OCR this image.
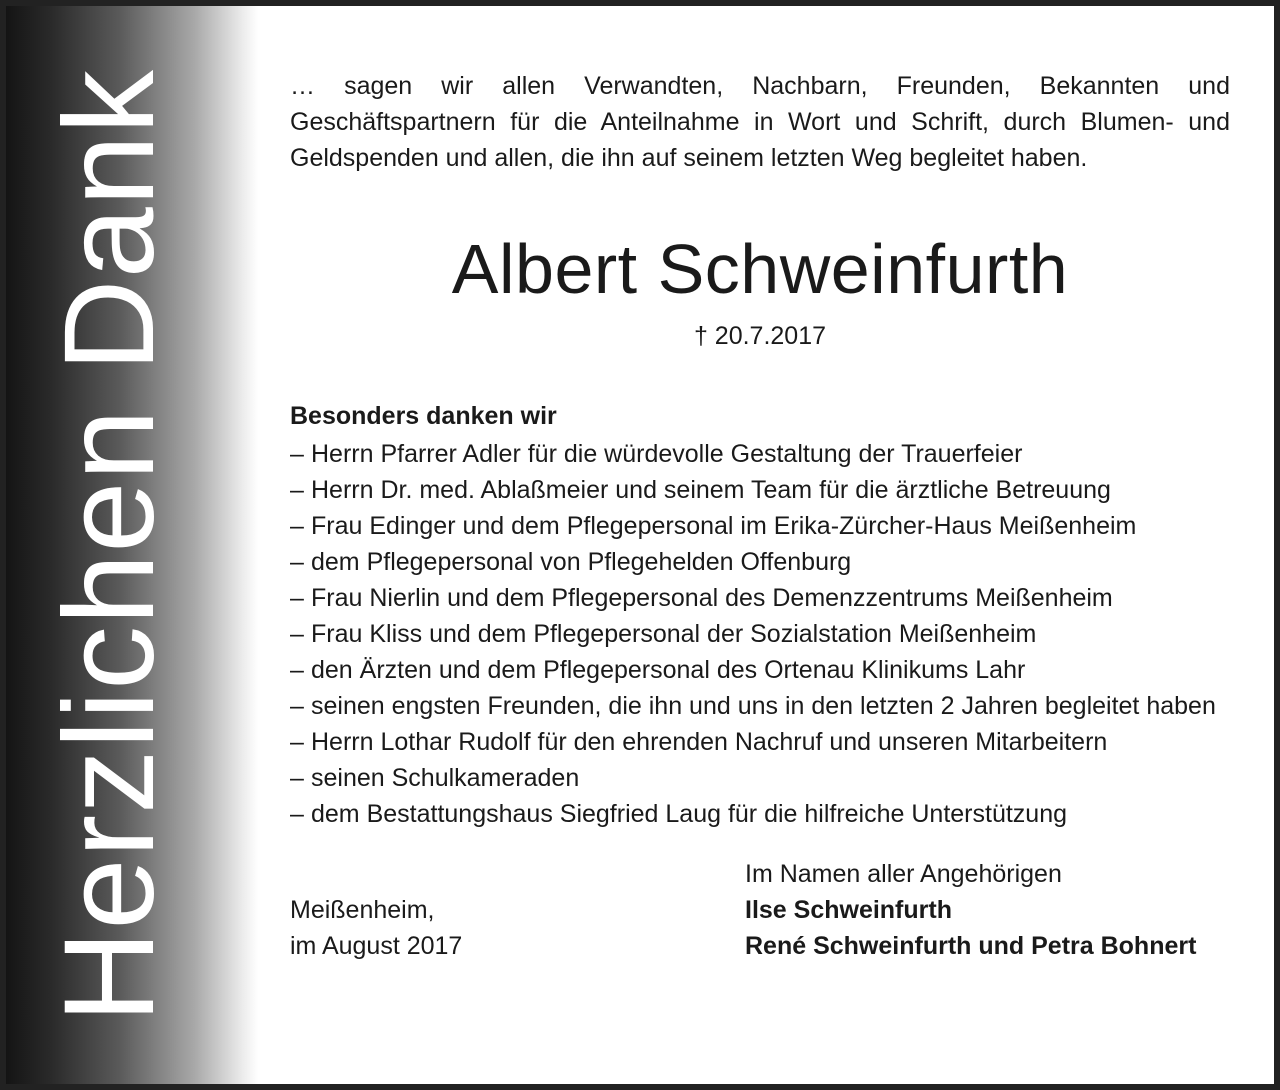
Herzlichen Dank	… sagen wir allen Verwandten, Nachbarn, Freunden, Bekannten und Geschäftspartnern für die Anteilnahme in Wort und Schrift, durch Blumen- und Geldspenden und allen, die ihn auf seinem letzten Weg begleitet haben.

Albert Schweinfurth
† 20.7.2017
Besonders danken wir
– Herrn Pfarrer Adler für die würdevolle Gestaltung der Trauerfeier
– Herrn Dr. med. Ablaßmeier und seinem Team für die ärztliche Betreuung
– Frau Edinger und dem Pflegepersonal im Erika-Zürcher-Haus Meißenheim
– dem Pflegepersonal von Pflegehelden Offenburg
– Frau Nierlin und dem Pflegepersonal des Demenzzentrums Meißenheim
– Frau Kliss und dem Pflegepersonal der Sozialstation Meißenheim
– den Ärzten und dem Pflegepersonal des Ortenau Klinikums Lahr
– seinen engsten Freunden, die ihn und uns in den letzten 2 Jahren begleitet haben
– Herrn Lothar Rudolf für den ehrenden Nachruf und unseren Mitarbeitern
– seinen Schulkameraden
– dem Bestattungshaus Siegfried Laug für die hilfreiche Unterstützung
Meißenheim,
im August 2017
Im Namen aller Angehörigen
Ilse Schweinfurth
René Schweinfurth und Petra Bohnert
